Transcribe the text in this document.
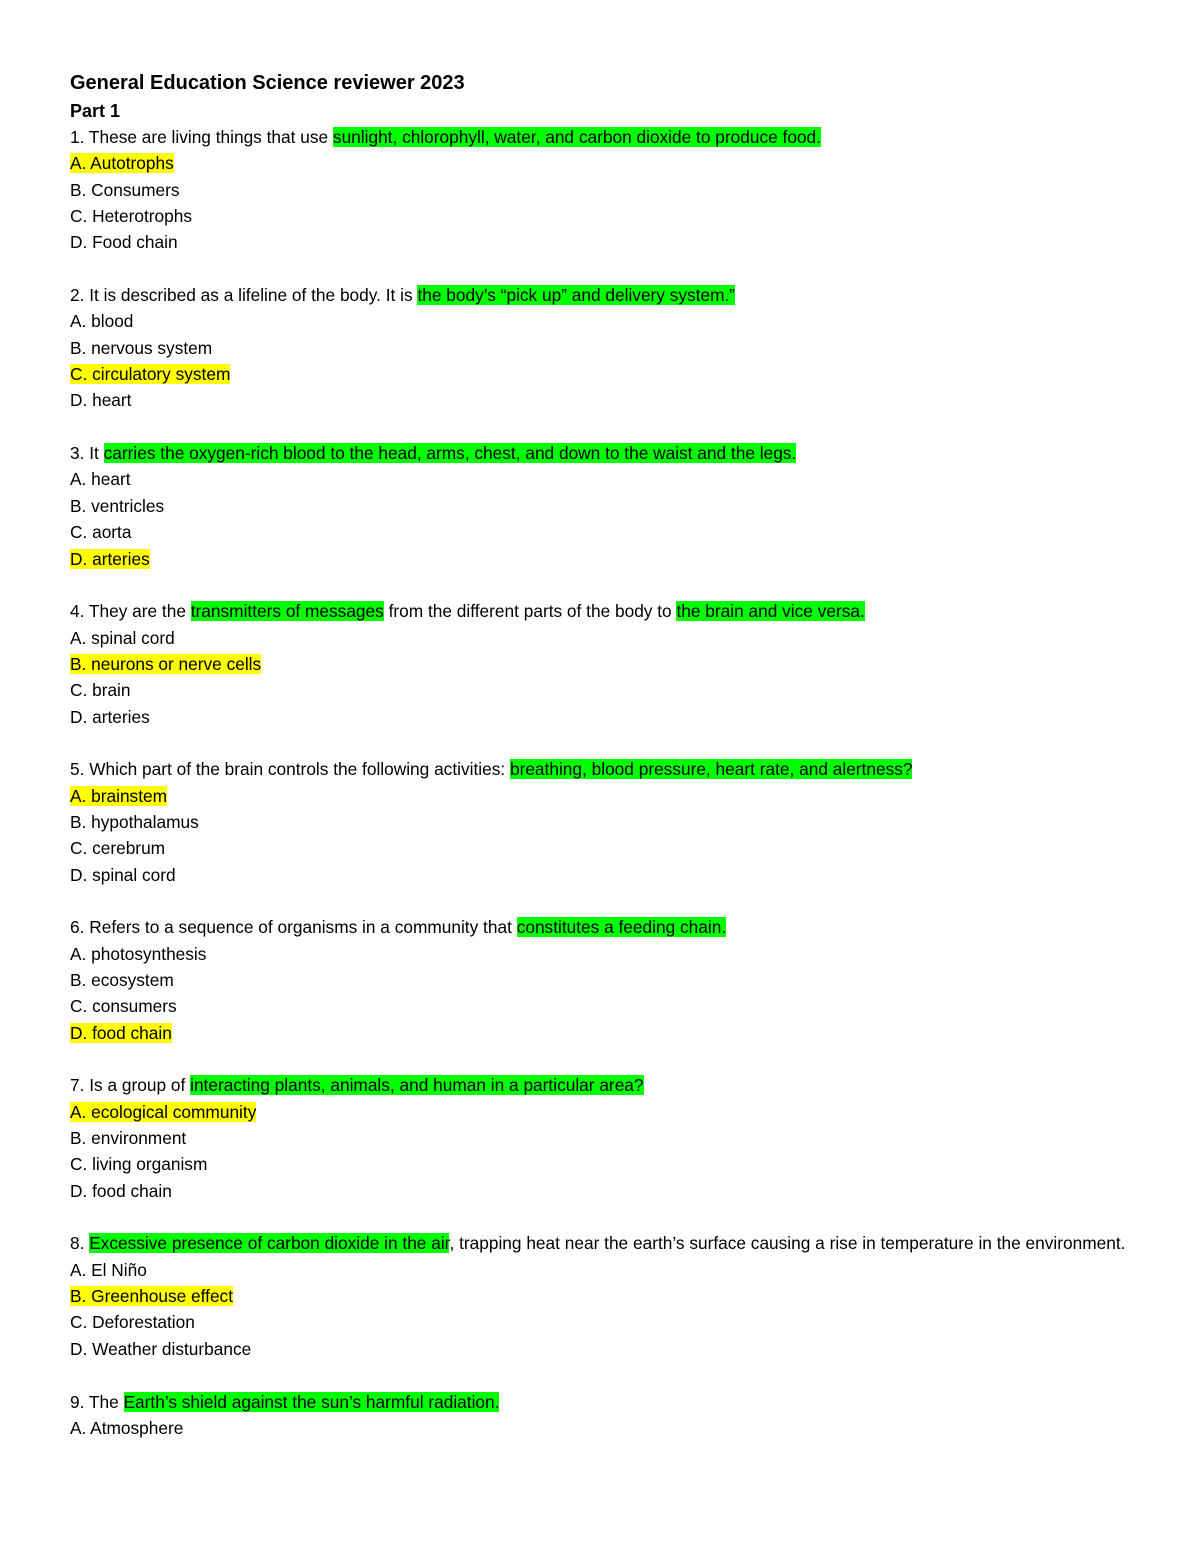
General Education Science reviewer 2023
Part 1
1. These are living things that use sunlight, chlorophyll, water, and carbon dioxide to produce food.
A. Autotrophs
B. Consumers
C. Heterotrophs
D. Food chain
2. It is described as a lifeline of the body. It is the body’s “pick up” and delivery system.”
A. blood
B. nervous system
C. circulatory system
D. heart
3. It carries the oxygen-rich blood to the head, arms, chest, and down to the waist and the legs.
A. heart
B. ventricles
C. aorta
D. arteries
4. They are the transmitters of messages from the different parts of the body to the brain and vice versa.
A. spinal cord
B. neurons or nerve cells
C. brain
D. arteries
5. Which part of the brain controls the following activities: breathing, blood pressure, heart rate, and alertness?
A. brainstem
B. hypothalamus
C. cerebrum
D. spinal cord
6. Refers to a sequence of organisms in a community that constitutes a feeding chain.
A. photosynthesis
B. ecosystem
C. consumers
D. food chain
7. Is a group of interacting plants, animals, and human in a particular area?
A. ecological community
B. environment
C. living organism
D. food chain
8. Excessive presence of carbon dioxide in the air, trapping heat near the earth’s surface causing a rise in temperature in the environment.
A. El Niño
B. Greenhouse effect
C. Deforestation
D. Weather disturbance
9. The Earth’s shield against the sun’s harmful radiation.
A. Atmosphere
